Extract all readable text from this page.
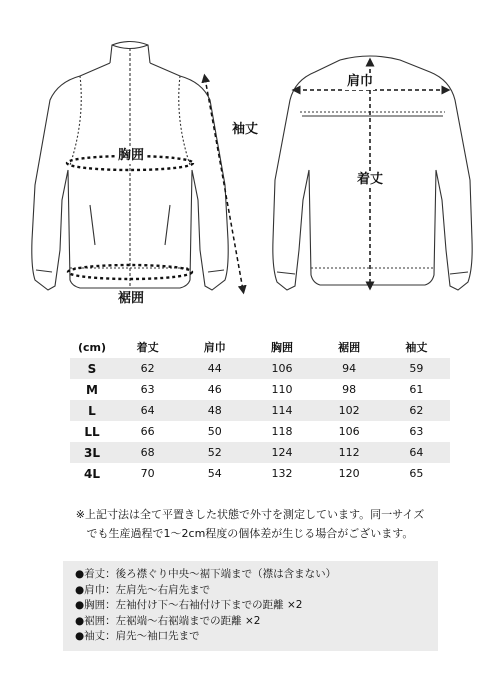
袖丈
胸囲
裾囲
肩巾
着丈
(cm)	着丈	肩巾	胸囲	裾囲	袖丈
S	62	44	106	94	59
M	63	46	110	98	61
L	64	48	114	102	62
LL	66	50	118	106	63
3L	68	52	124	112	64
4L	70	54	132	120	65
※上記寸法は全て平置きした状態で外寸を測定しています。同一サイズ
でも生産過程で1〜2cm程度の個体差が生じる場合がございます。
●着丈：後ろ襟ぐり中央〜裾下端まで（襟は含まない）
●肩巾：左肩先〜右肩先まで
●胸囲：左袖付け下〜右袖付け下までの距離 ×2
●裾囲：左裾端〜右裾端までの距離 ×2
●袖丈：肩先〜袖口先まで
